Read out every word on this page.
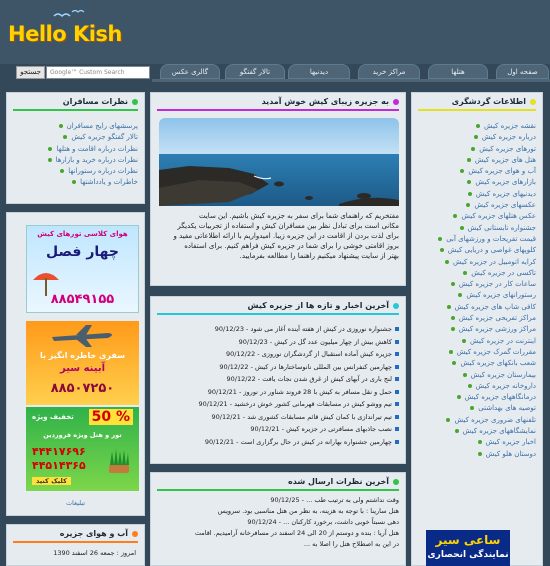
Hello Kish
جستجو	Google™ Custom Search	صفحه اول
هتلها
مراکز خرید
دیدنیها
تالار گفتگو
گالری عکس
اطلاعات گردشگری
نقشه جزیره کیش
درباره جزیره کیش
تورهای جزیره کیش
هتل های جزیره کیش
آب و هوای جزیره کیش
بازارهای جزیره کیش
دیدنیهای جزیره کیش
عکسهای جزیره کیش
عکس هتلهای جزیره کیش
جشنواره تابستانی کیش
قیمت تفریحات و ورزشهای آبی
کلوپهای غواصی و دریایی کیش
کرایه اتومبیل در جزیره کیش
تاکسی در جزیره کیش
ساعات کار در جزیره کیش
رستورانهای جزیره کیش
کافی شاپ های جزیره کیش
مراکز تفریحی جزیره کیش
مراکز ورزشی جزیره کیش
اینترنت در جزیره کیش
مقررات گمرک جزیره کیش
شعب بانکهای جزیره کیش
بیمارستان جزیره کیش
داروخانه جزیره کیش
درمانگاههای جزیره کیش
توصیه های بهداشتی
تلفنهای ضروری جزیره کیش
نمایشگاههای جزیره کیش
اخبار جزیره کیش
دوستان هلو کیش
ساعی سیر
نمایندگی انحصاری
به جزیره زیبای کیش خوش آمدید
مفتخریم که راهنمای شما برای سفر به جزیره کیش باشیم. این سایت
مکانی است برای تبادل نظر بین مسافران کیش و استفاده از تجربیات یکدیگر
برای لذت بردن از اقامت در این جزیره زیبا. امیدواریم با ارائه اطلاعاتی مفید و
بروز اقامتی خوشی را برای شما در جزیره کیش فراهم کنیم. برای استفاده
بهتر از سایت پیشنهاد میکنیم راهنما را مطالعه بفرمایید.
آخرین اخبار و تازه ها از جزیره کیش
جشنواره نوروزی در کیش از هفته آینده آغاز می شود - 90/12/23
کاهش بیش از چهار میلیون عدد گل در کیش - 90/12/23
جزیره کیش آماده استقبال از گردشگران نوروزی - 90/12/22
چهارمین کنفرانس بین المللی نانوساختارها در کیش - 90/12/22
لنج باری در آبهای کیش از غرق شدن نجات یافت - 90/12/22
حمل و نقل مسافر به کیش با 28 فروند شناور در نوروز - 90/12/21
تیم ووشو کیش در مسابقات قهرمانی کشور خوش درخشید - 90/12/21
تیم تیراندازی با کمان کیش قائم مسابقات کشوری شد - 90/12/21
نصب جاذبهای مسافرتی در جزیره کیش - 90/12/21
چهارمین جشنواره بهارانه در کیش در حال برگزاری است - 90/12/21
آخرین نظرات ارسال شده
وقت نداشتم ولی به ترتیب طب ... - 90/12/25
هتل سارینا : با توجه به هزینه، به نظر من هتل مناسبی بود. سرویس
دهی نسبتاً خوبی داشت، برخورد کارکنان ... - 90/12/24
هتل آریا : بنده و دوستم از 20 الی 24 اسفند در مسافرخانه آرامیدیم. اقامت
در این به اصطلاح هتل را اصلا به ...
نظرات مسافران
پرسشهای رایج مسافران
تالار گفتگو جزیره کیش
نظرات درباره اقامت و هتلها
نظرات درباره خرید و بازارها
نظرات درباره رستورانها
خاطرات و یادداشتها
هوای کلاسی تورهای کیش
چهار فصل
۸۸۵۴۹۱۵۵
سفری خاطره انگیز با
آبینه سیر
۸۸۵۰۷۲۵۰
50 %
تخفیف ویژه
تور و هتل ویژه فروردین
۴۴۴۱۷۶۹۶
۴۴۵۱۴۳۶۵
کلیک کنید
تبلیغات
آب و هوای جزیره
امروز : جمعه 26 اسفند 1390
